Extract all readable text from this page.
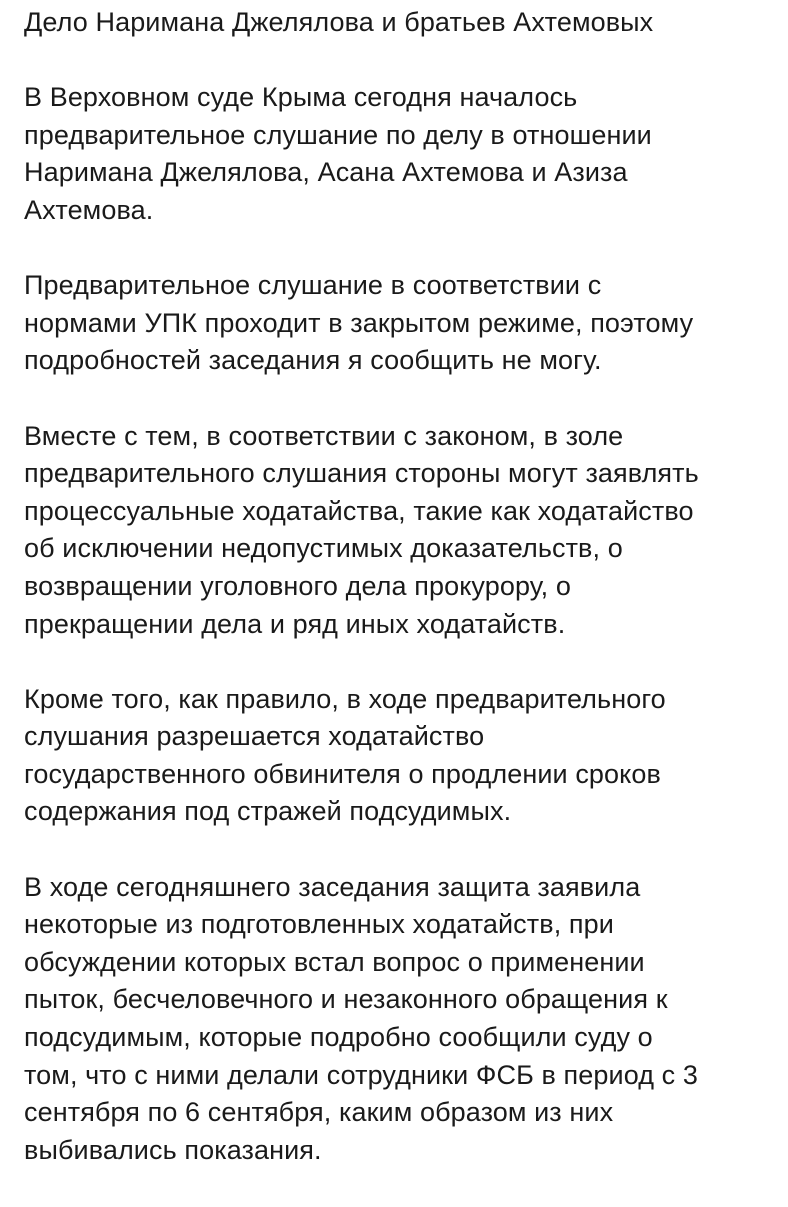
Дело Наримана Джелялова и братьев Ахтемовых

В Верховном суде Крыма сегодня началось
предварительное слушание по делу в отношении
Наримана Джелялова, Асана Ахтемова и Азиза
Ахтемова.

Предварительное слушание в соответствии с
нормами УПК проходит в закрытом режиме, поэтому
подробностей заседания я сообщить не могу.

Вместе с тем, в соответствии с законом, в золе
предварительного слушания стороны могут заявлять
процессуальные ходатайства, такие как ходатайство
об исключении недопустимых доказательств, о
возвращении уголовного дела прокурору, о
прекращении дела и ряд иных ходатайств.

Кроме того, как правило, в ходе предварительного
слушания разрешается ходатайство
государственного обвинителя о продлении сроков
содержания под стражей подсудимых.

В ходе сегодняшнего заседания защита заявила
некоторые из подготовленных ходатайств, при
обсуждении которых встал вопрос о применении
пыток, бесчеловечного и незаконного обращения к
подсудимым, которые подробно сообщили суду о
том, что с ними делали сотрудники ФСБ в период с 3
сентября по 6 сентября, каким образом из них
выбивались показания.
